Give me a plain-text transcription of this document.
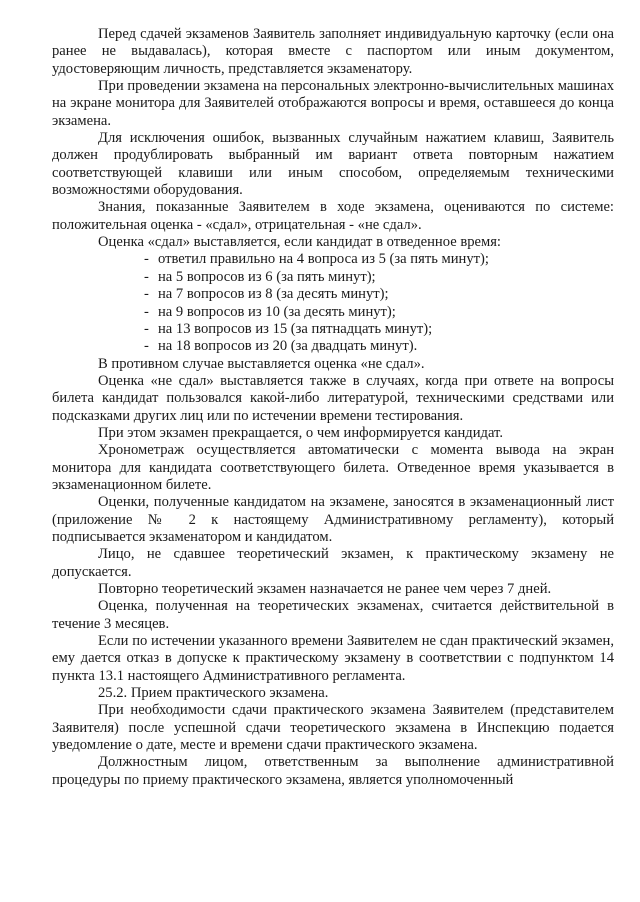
Перед сдачей экзаменов Заявитель заполняет индивидуальную карточку (если она ранее не выдавалась), которая вместе с паспортом или иным документом, удостоверяющим личность, представляется экзаменатору.

При проведении экзамена на персональных электронно-вычислительных машинах на экране монитора для Заявителей отображаются вопросы и время, оставшееся до конца экзамена.

Для исключения ошибок, вызванных случайным нажатием клавиш, Заявитель должен продублировать выбранный им вариант ответа повторным нажатием соответствующей клавиши или иным способом, определяемым техническими возможностями оборудования.

Знания, показанные Заявителем в ходе экзамена, оцениваются по системе: положительная оценка - «сдал», отрицательная - «не сдал».

Оценка «сдал» выставляется, если кандидат в отведенное время:

- ответил правильно на 4 вопроса из 5 (за пять минут);
- на 5 вопросов из 6 (за пять минут);
- на 7 вопросов из 8 (за десять минут);
- на 9 вопросов из 10 (за десять минут);
- на 13 вопросов из 15 (за пятнадцать минут);
- на 18 вопросов из 20 (за двадцать минут).

В противном случае выставляется оценка «не сдал».

Оценка «не сдал» выставляется также в случаях, когда при ответе на вопросы билета кандидат пользовался какой-либо литературой, техническими средствами или подсказками других лиц или по истечении времени тестирования.

При этом экзамен прекращается, о чем информируется кандидат.

Хронометраж осуществляется автоматически с момента вывода на экран монитора для кандидата соответствующего билета. Отведенное время указывается в экзаменационном билете.

Оценки, полученные кандидатом на экзамене, заносятся в экзаменационный лист (приложение № 2 к настоящему Административному регламенту), который подписывается экзаменатором и кандидатом.

Лицо, не сдавшее теоретический экзамен, к практическому экзамену не допускается.

Повторно теоретический экзамен назначается не ранее чем через 7 дней.

Оценка, полученная на теоретических экзаменах, считается действительной в течение 3 месяцев.

Если по истечении указанного времени Заявителем не сдан практический экзамен, ему дается отказ в допуске к практическому экзамену в соответствии с подпунктом 14 пункта 13.1 настоящего Административного регламента.

25.2. Прием практического экзамена.

При необходимости сдачи практического экзамена Заявителем (представителем Заявителя) после успешной сдачи теоретического экзамена в Инспекцию подается уведомление о дате, месте и времени сдачи практического экзамена.

Должностным лицом, ответственным за выполнение административной процедуры по приему практического экзамена, является уполномоченный
